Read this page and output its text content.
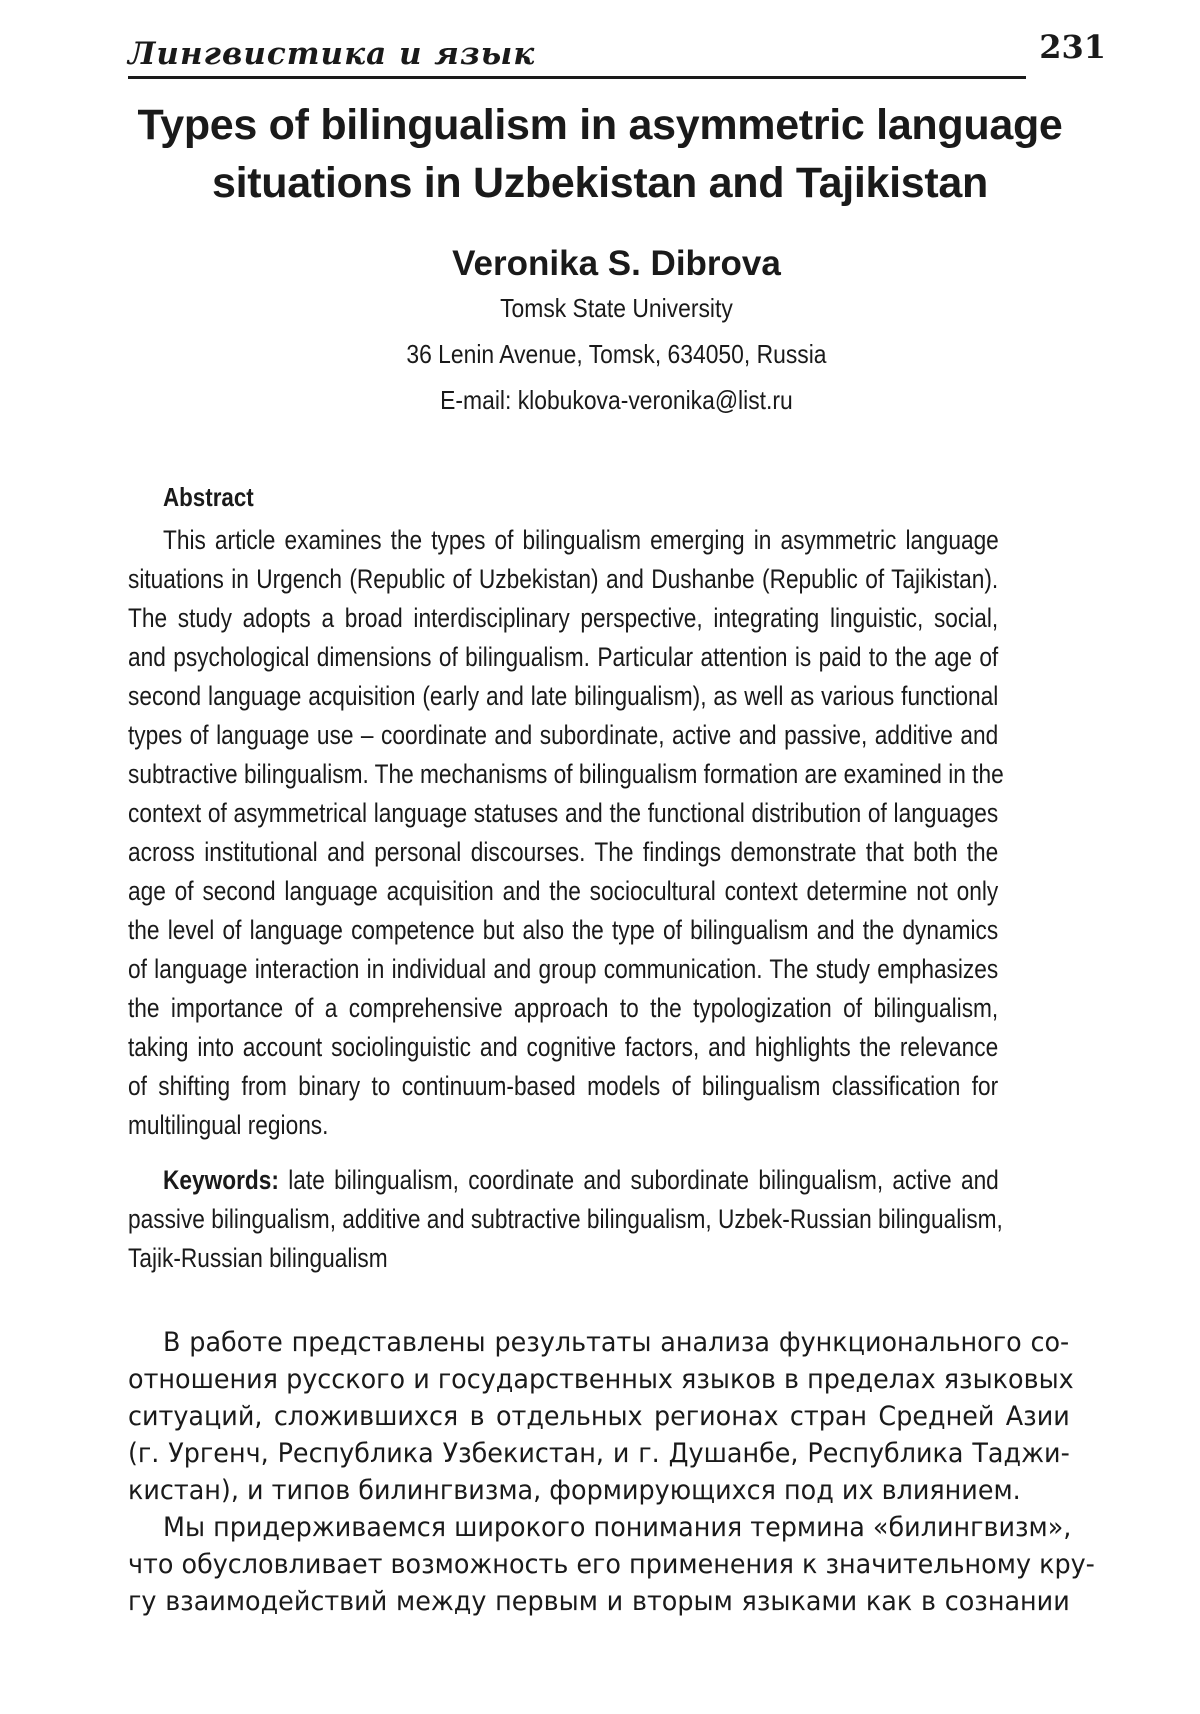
Лингвистика и язык	231
Types of bilingualism in asymmetric language
situations in Uzbekistan and Tajikistan
Veronika S. Dibrova
Tomsk State University
36 Lenin Avenue, Tomsk, 634050, Russia
E-mail: klobukova-veronika@list.ru
Abstract
This article examines the types of bilingualism emerging in asymmetric language
situations in Urgench (Republic of Uzbekistan) and Dushanbe (Republic of Tajikistan).
The study adopts a broad interdisciplinary perspective, integrating linguistic, social,
and psychological dimensions of bilingualism. Particular attention is paid to the age of
second language acquisition (early and late bilingualism), as well as various functional
types of language use – coordinate and subordinate, active and passive, additive and
subtractive bilingualism. The mechanisms of bilingualism formation are examined in the
context of asymmetrical language statuses and the functional distribution of languages
across institutional and personal discourses. The findings demonstrate that both the
age of second language acquisition and the sociocultural context determine not only
the level of language competence but also the type of bilingualism and the dynamics
of language interaction in individual and group communication. The study emphasizes
the importance of a comprehensive approach to the typologization of bilingualism,
taking into account sociolinguistic and cognitive factors, and highlights the relevance
of shifting from binary to continuum-based models of bilingualism classification for
multilingual regions.
Keywords: late bilingualism, coordinate and subordinate bilingualism, active and
passive bilingualism, additive and subtractive bilingualism, Uzbek-Russian bilingualism,
Tajik-Russian bilingualism
В работе представлены результаты анализа функционального со-
отношения русского и государственных языков в пределах языковых
ситуаций, сложившихся в отдельных регионах стран Средней Азии
(г. Ургенч, Республика Узбекистан, и г. Душанбе, Республика Таджи-
кистан), и типов билингвизма, формирующихся под их влиянием.
Мы придерживаемся широкого понимания термина «билингвизм»,
что обусловливает возможность его применения к значительному кру-
гу взаимодействий между первым и вторым языками как в сознании
